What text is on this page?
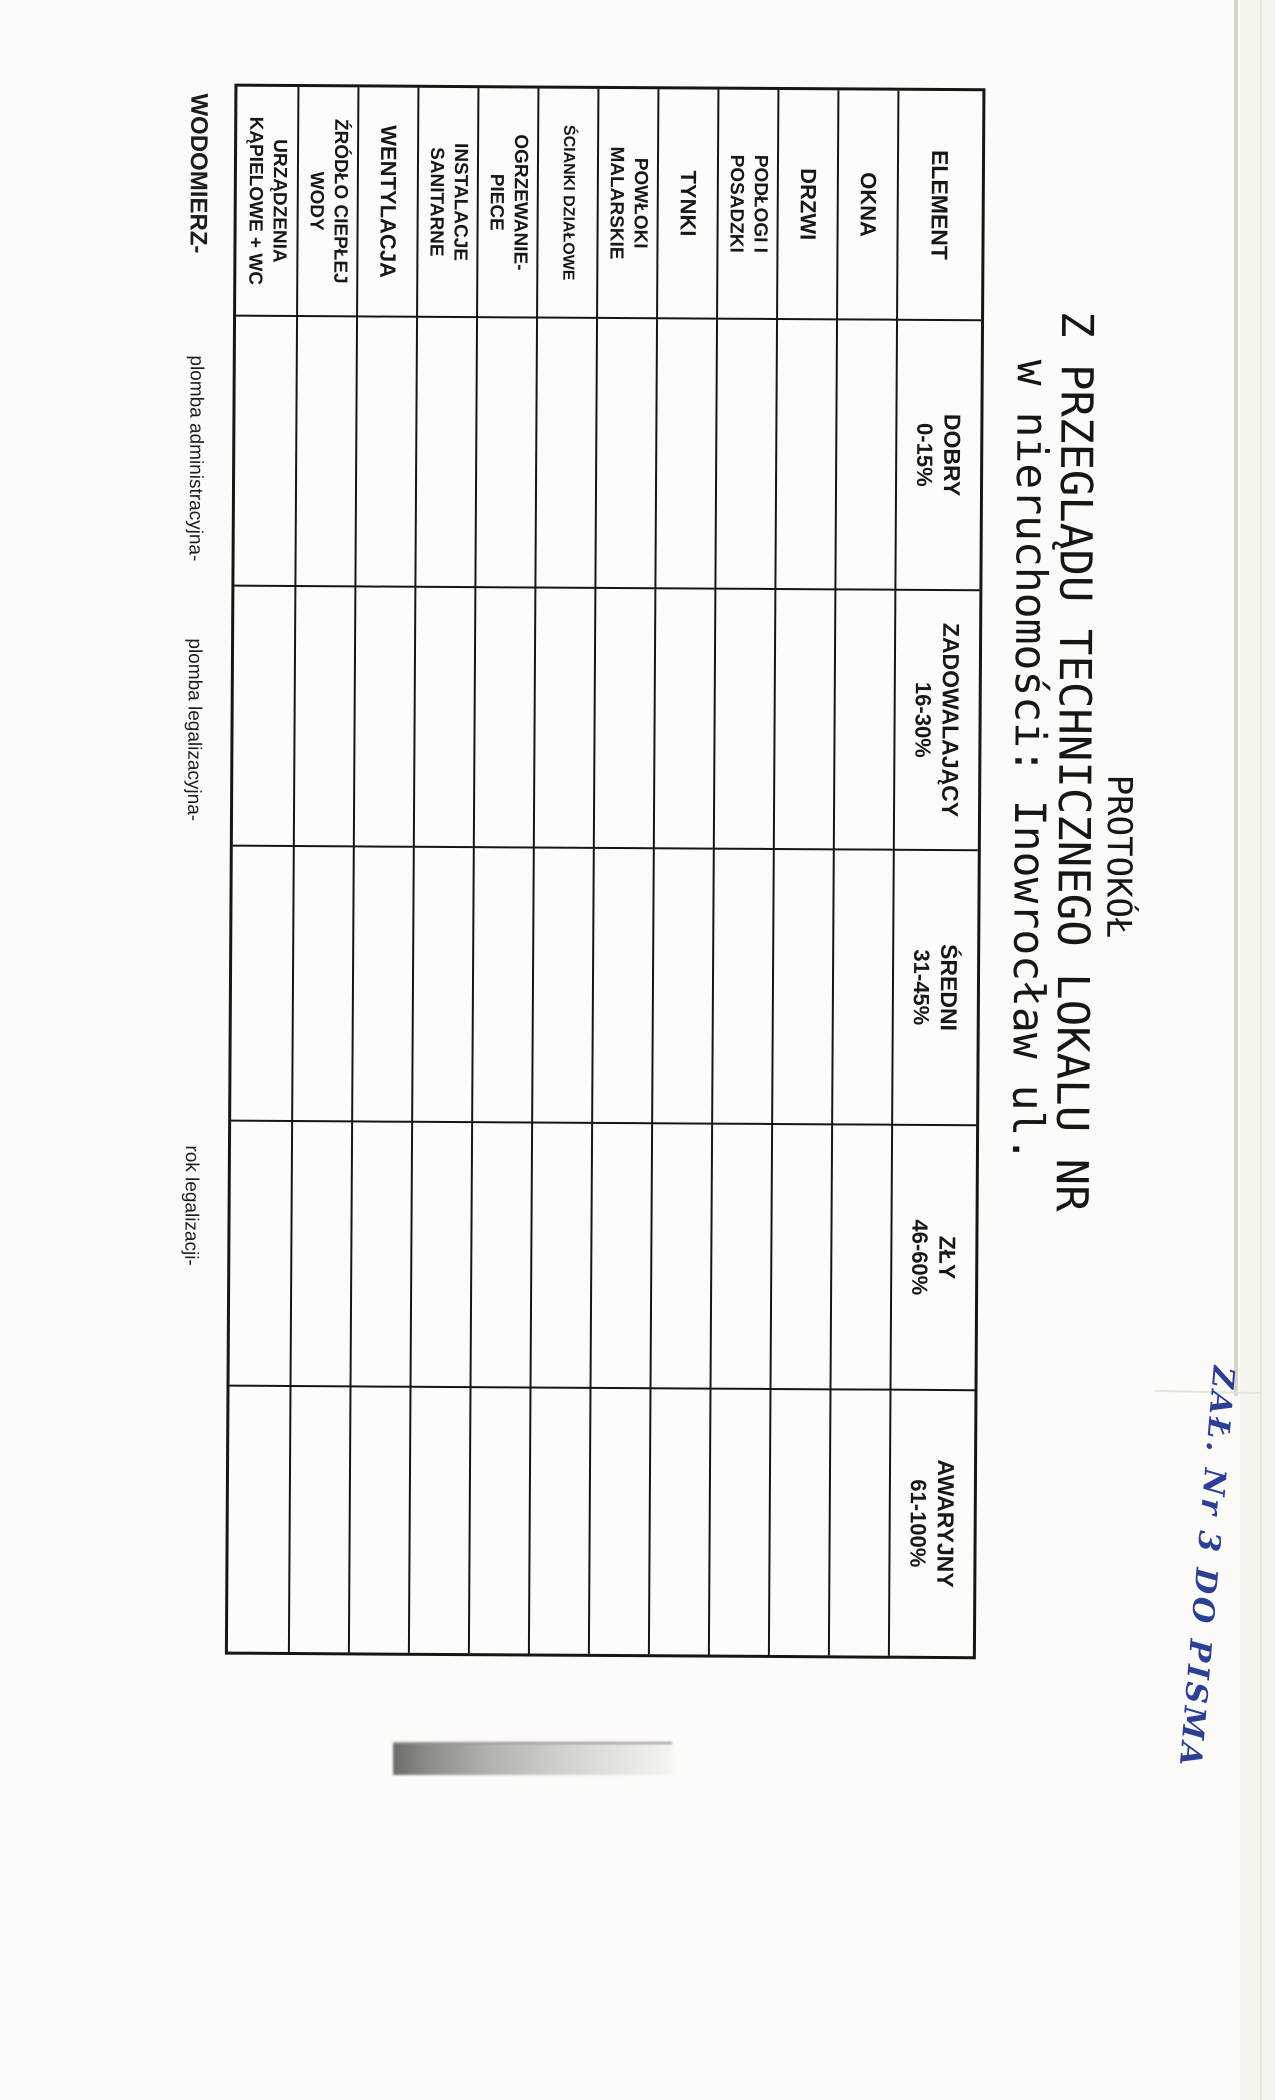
ZAŁ. Nr 3 DO PISMA
PROTOKÓŁ
Z PRZEGLĄDU TECHNICZNEGO LOKALU NR
w nieruchomości: Inowrocław ul.
ELEMENT
DOBRY
0-15%
ZADOWALAJĄCY
16-30%
ŚREDNI
31-45%
ZŁY
46-60%
AWARYJNY
61-100%
OKNA
DRZWI
PODŁOGI I
POSADZKI
TYNKI
POWŁOKI
MALARSKIE
ŚCIANKI DZIAŁOWE
OGRZEWANIE-
PIECE
INSTALACJE
SANITARNE
WENTYLACJA
ŹRÓDŁO CIEPŁEJ
WODY
URZĄDZENIA
KĄPIELOWE + WC
WODOMIERZ-
plomba administracyjna-
plomba legalizacyjna-
rok legalizacji-
